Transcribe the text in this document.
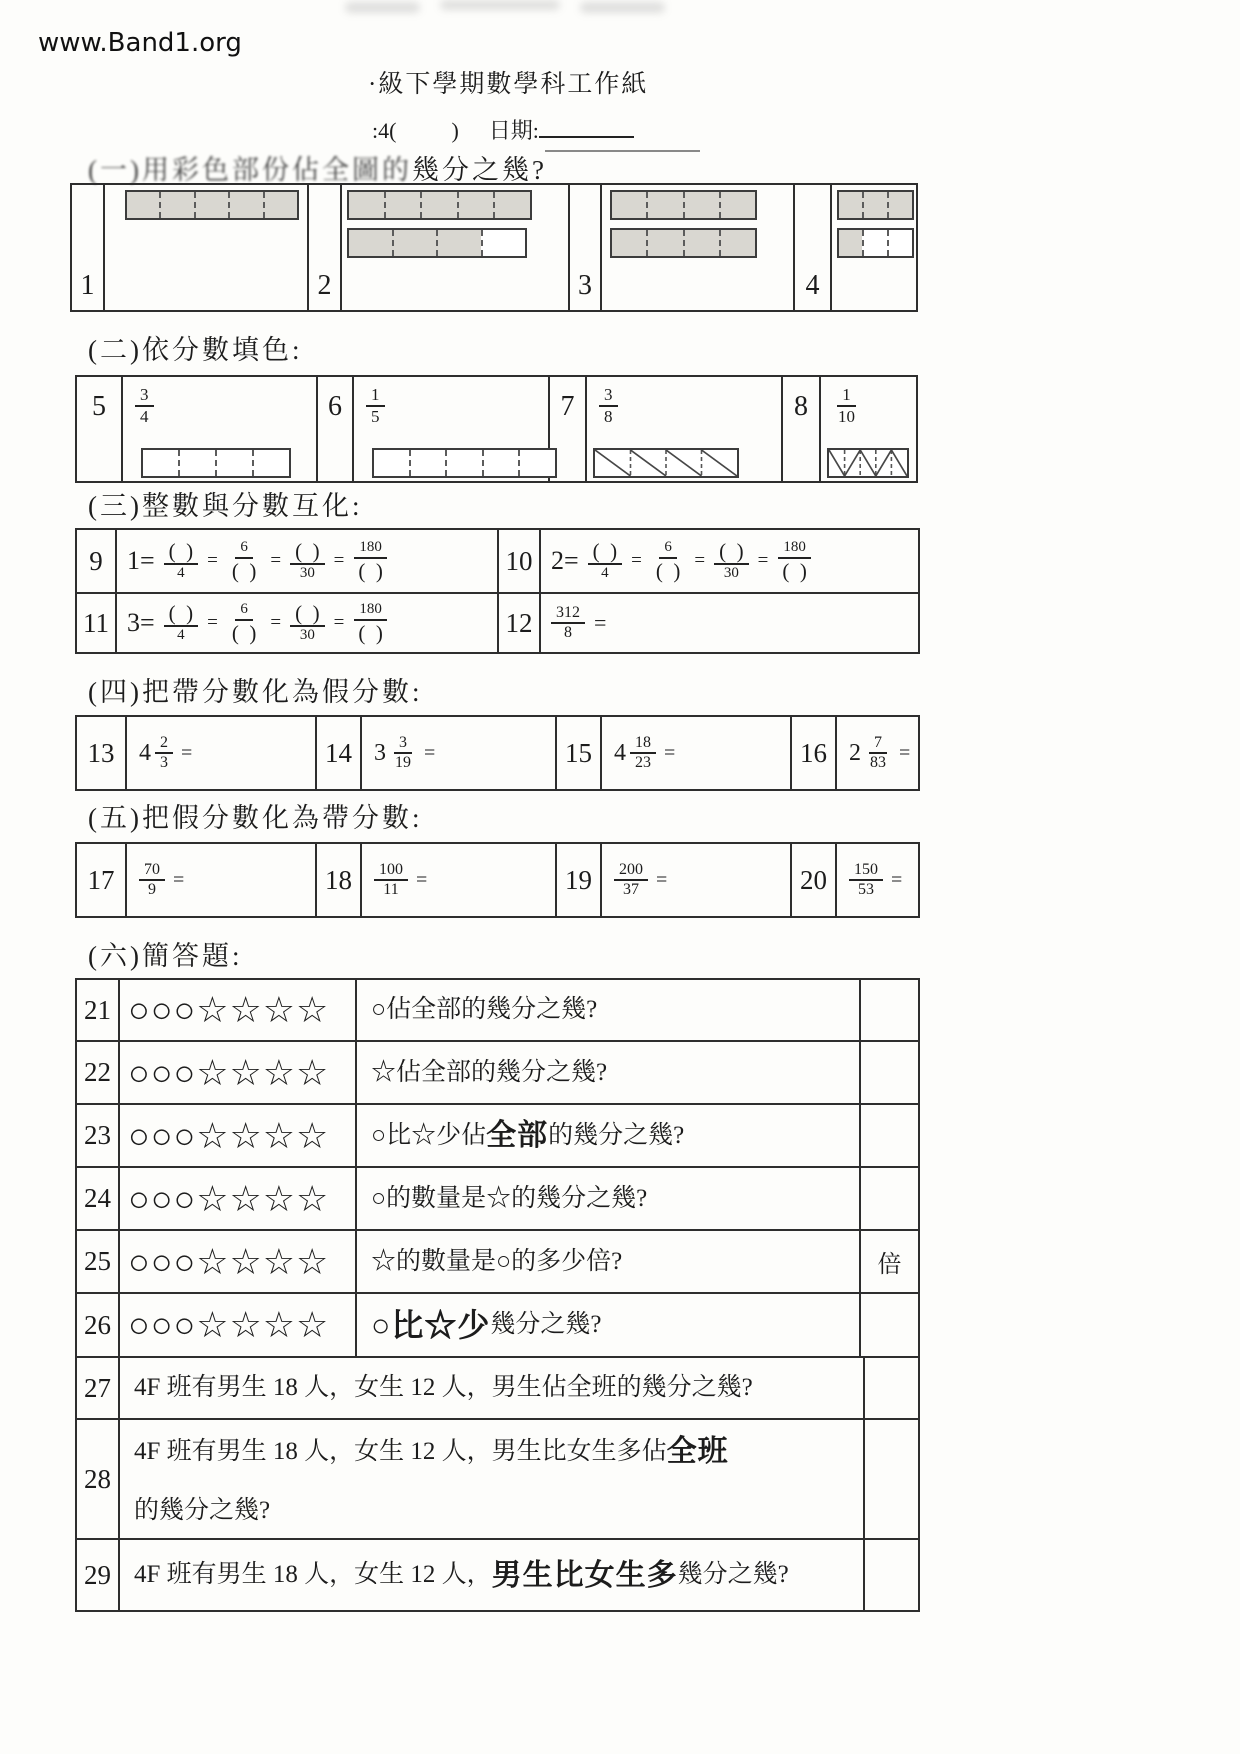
www.Band1.org
·級下學期數學科工作紙
:4(	) 日期:
(一)用彩色部份佔全圖的幾分之幾?
1	2	3	4
(二)依分數填色:
5	$\frac{3}{4}$	6	$\frac{1}{5}$	7	$\frac{3}{8}$	8	$\frac{1}{10}$
(三)整數與分數互化:
9 $1= \frac{( )}{4} = \frac{6}{( )} = \frac{( )}{30} = \frac{180}{( )}$	10 $2= \frac{( )}{4} = \frac{6}{( )} = \frac{( )}{30} = \frac{180}{( )}$
11 $3= \frac{( )}{4} = \frac{6}{( )} = \frac{( )}{30} = \frac{180}{( )}$	12	$\frac{312}{8}$ =
(四)把帶分數化為假分數:
13	$4 \frac{2}{3}$ =	14 $3 \frac{3}{19}$ =	15 $4 \frac{18}{23}$ =	16 $2 \frac{7}{83}$ =
(五)把假分數化為帶分數:
17	$\frac{70}{9}$ =	18	$\frac{100}{11}$ =	19	$\frac{200}{37}$ =	20	$\frac{150}{53}$ =
(六)簡答題:
21 ○○○☆☆☆☆	○佔全部的幾分之幾?
22 ○○○☆☆☆☆	☆佔全部的幾分之幾?
23 ○○○☆☆☆☆	○比☆少佔 全部 的幾分之幾?
24 ○○○☆☆☆☆	○的數量是☆的幾分之幾?
25 ○○○☆☆☆☆	☆的數量是○的多少倍?	倍
26 ○○○☆☆☆☆	○比☆少 幾分之幾?
27 4F 班有男生 18 人，女生 12 人，男生佔全班的幾分之幾?
28
4F 班有男生 18 人，女生 12 人，男生比女生多佔 全班
的幾分之幾?
29 4F 班有男生 18 人，女生 12 人， 男生比女生多 幾分之幾?
